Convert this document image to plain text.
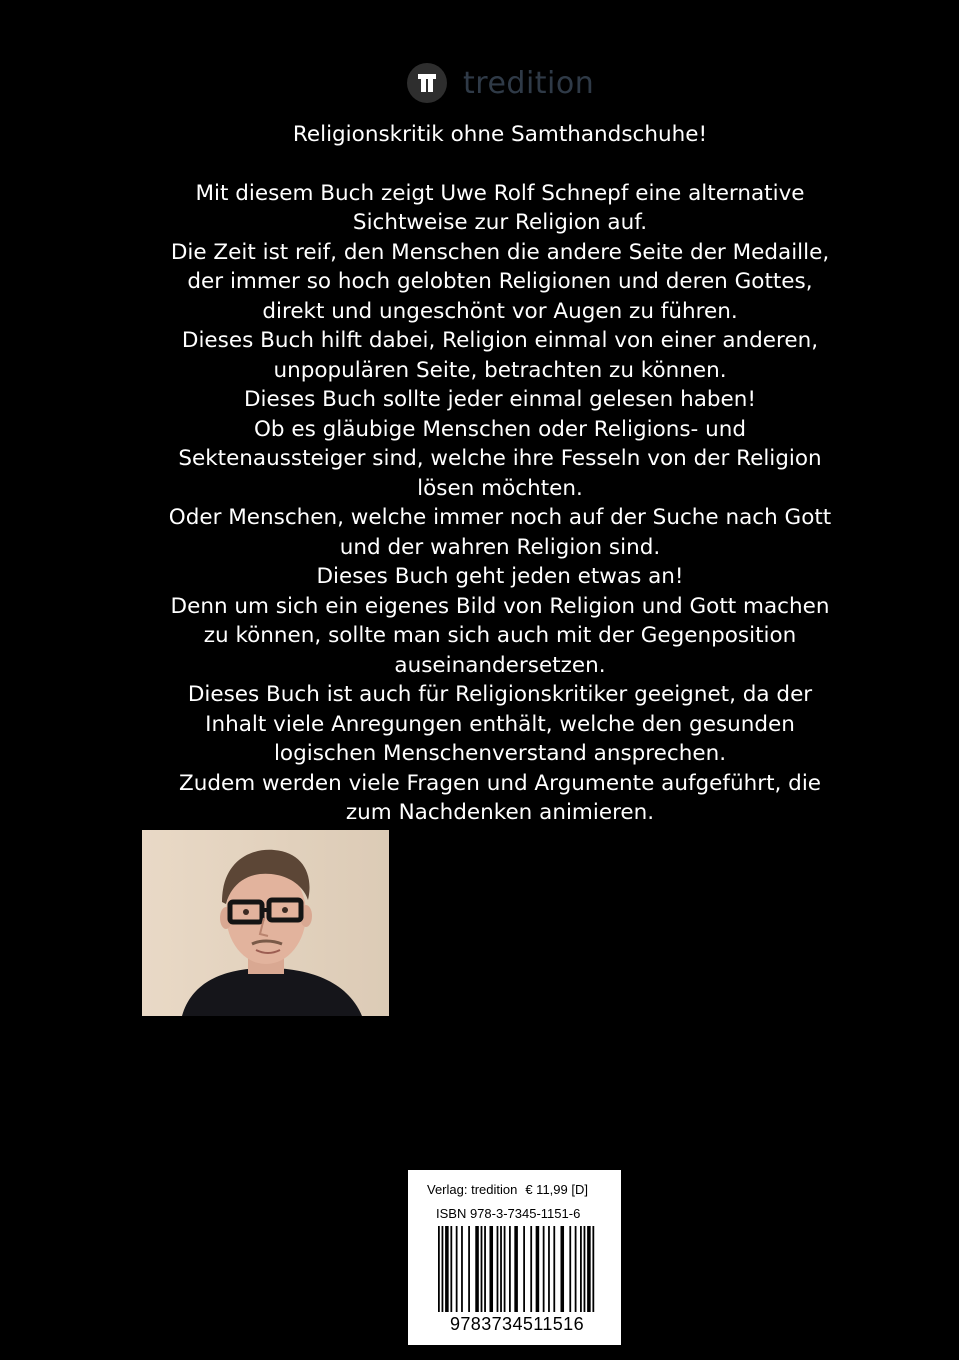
tredition

Religionskritik ohne Samthandschuhe!

Mit diesem Buch zeigt Uwe Rolf Schnepf eine alternative

Sichtweise zur Religion auf.

Die Zeit ist reif, den Menschen die andere Seite der Medaille,

der immer so hoch gelobten Religionen und deren Gottes,

direkt und ungeschönt vor Augen zu führen.

Dieses Buch hilft dabei, Religion einmal von einer anderen,

unpopulären Seite, betrachten zu können.

Dieses Buch sollte jeder einmal gelesen haben!

Ob es gläubige Menschen oder Religions- und

Sektenaussteiger sind, welche ihre Fesseln von der Religion

lösen möchten.

Oder Menschen, welche immer noch auf der Suche nach Gott

und der wahren Religion sind.

Dieses Buch geht jeden etwas an!

Denn um sich ein eigenes Bild von Religion und Gott machen

zu können, sollte man sich auch mit der Gegenposition

auseinandersetzen.

Dieses Buch ist auch für Religionskritiker geeignet, da der

Inhalt viele Anregungen enthält, welche den gesunden

logischen Menschenverstand ansprechen.

Zudem werden viele Fragen und Argumente aufgeführt, die

zum Nachdenken animieren.

Verlag: tredition € 11,99 [D]
ISBN 978-3-7345-1151-6
9783734511516
